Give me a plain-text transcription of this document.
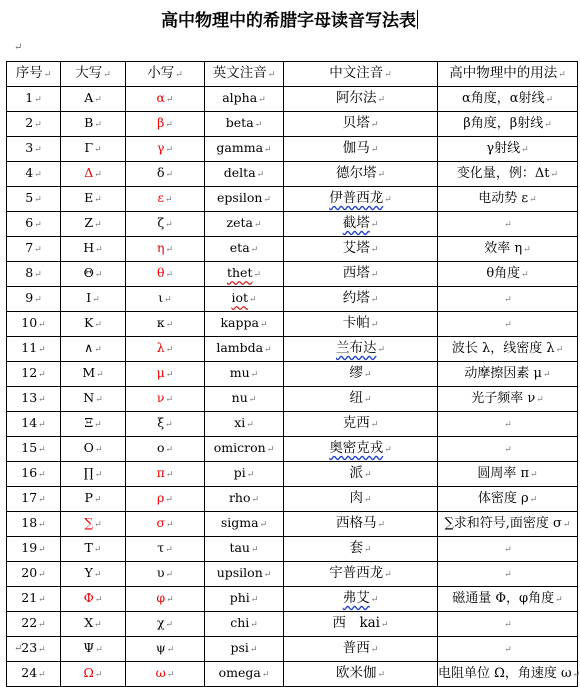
高中物理中的希腊字母读音写法表
↵
序号↵	大写↵	小写↵	英文注音↵	中文注音↵	高中物理中的用法↵
1↵	Α↵	α↵	alpha↵	阿尔法↵	α角度，α射线↵
2↵	Β↵	β↵	beta↵	贝塔↵	β角度，β射线↵
3↵	Γ↵	γ↵	gamma↵	伽马↵	γ射线↵
4↵	Δ↵	δ↵	delta↵	德尔塔↵	变化量，例：Δt↵
5↵	Ε↵	ε↵	epsilon↵	伊普西龙↵	电动势 ε↵
6↵	Ζ↵	ζ↵	zeta↵	截塔↵	↵
7↵	Η↵	η↵	eta↵	艾塔↵	效率 η↵
8↵	Θ↵	θ↵	thet↵	西塔↵	θ角度↵
9↵	Ι↵	ι↵	iot↵	约塔↵	↵
10↵	Κ↵	κ↵	kappa↵	卡帕↵	↵
11↵	∧↵	λ↵	lambda↵	兰布达↵	波长 λ，线密度 λ↵
12↵	Μ↵	μ↵	mu↵	缪↵	动摩擦因素 μ↵
13↵	Ν↵	ν↵	nu↵	纽↵	光子频率 ν↵
14↵	Ξ↵	ξ↵	xi↵	克西↵	↵
15↵	Ο↵	ο↵	omicron↵	奥密克戎↵	↵
16↵	∏↵	π↵	pi↵	派↵	圆周率 π↵
17↵	Ρ↵	ρ↵	rho↵	肉↵	体密度 ρ↵
18↵	∑↵	σ↵	sigma↵	西格马↵	∑求和符号,面密度 σ↵
19↵	Τ↵	τ↵	tau↵	套↵	↵
20↵	Υ↵	υ↵	upsilon↵	宇普西龙↵	↵
21↵	Φ↵	φ↵	phi↵	弗艾↵	磁通量 Φ，φ角度↵
22↵	Χ↵	χ↵	chi↵	西　kai↵	↵
23↵	Ψ↵	ψ↵	psi↵	普西↵	↵
24↵	Ω↵	ω↵	omega↵	欧米伽↵	电阻单位 Ω，角速度 ω↵
↵
